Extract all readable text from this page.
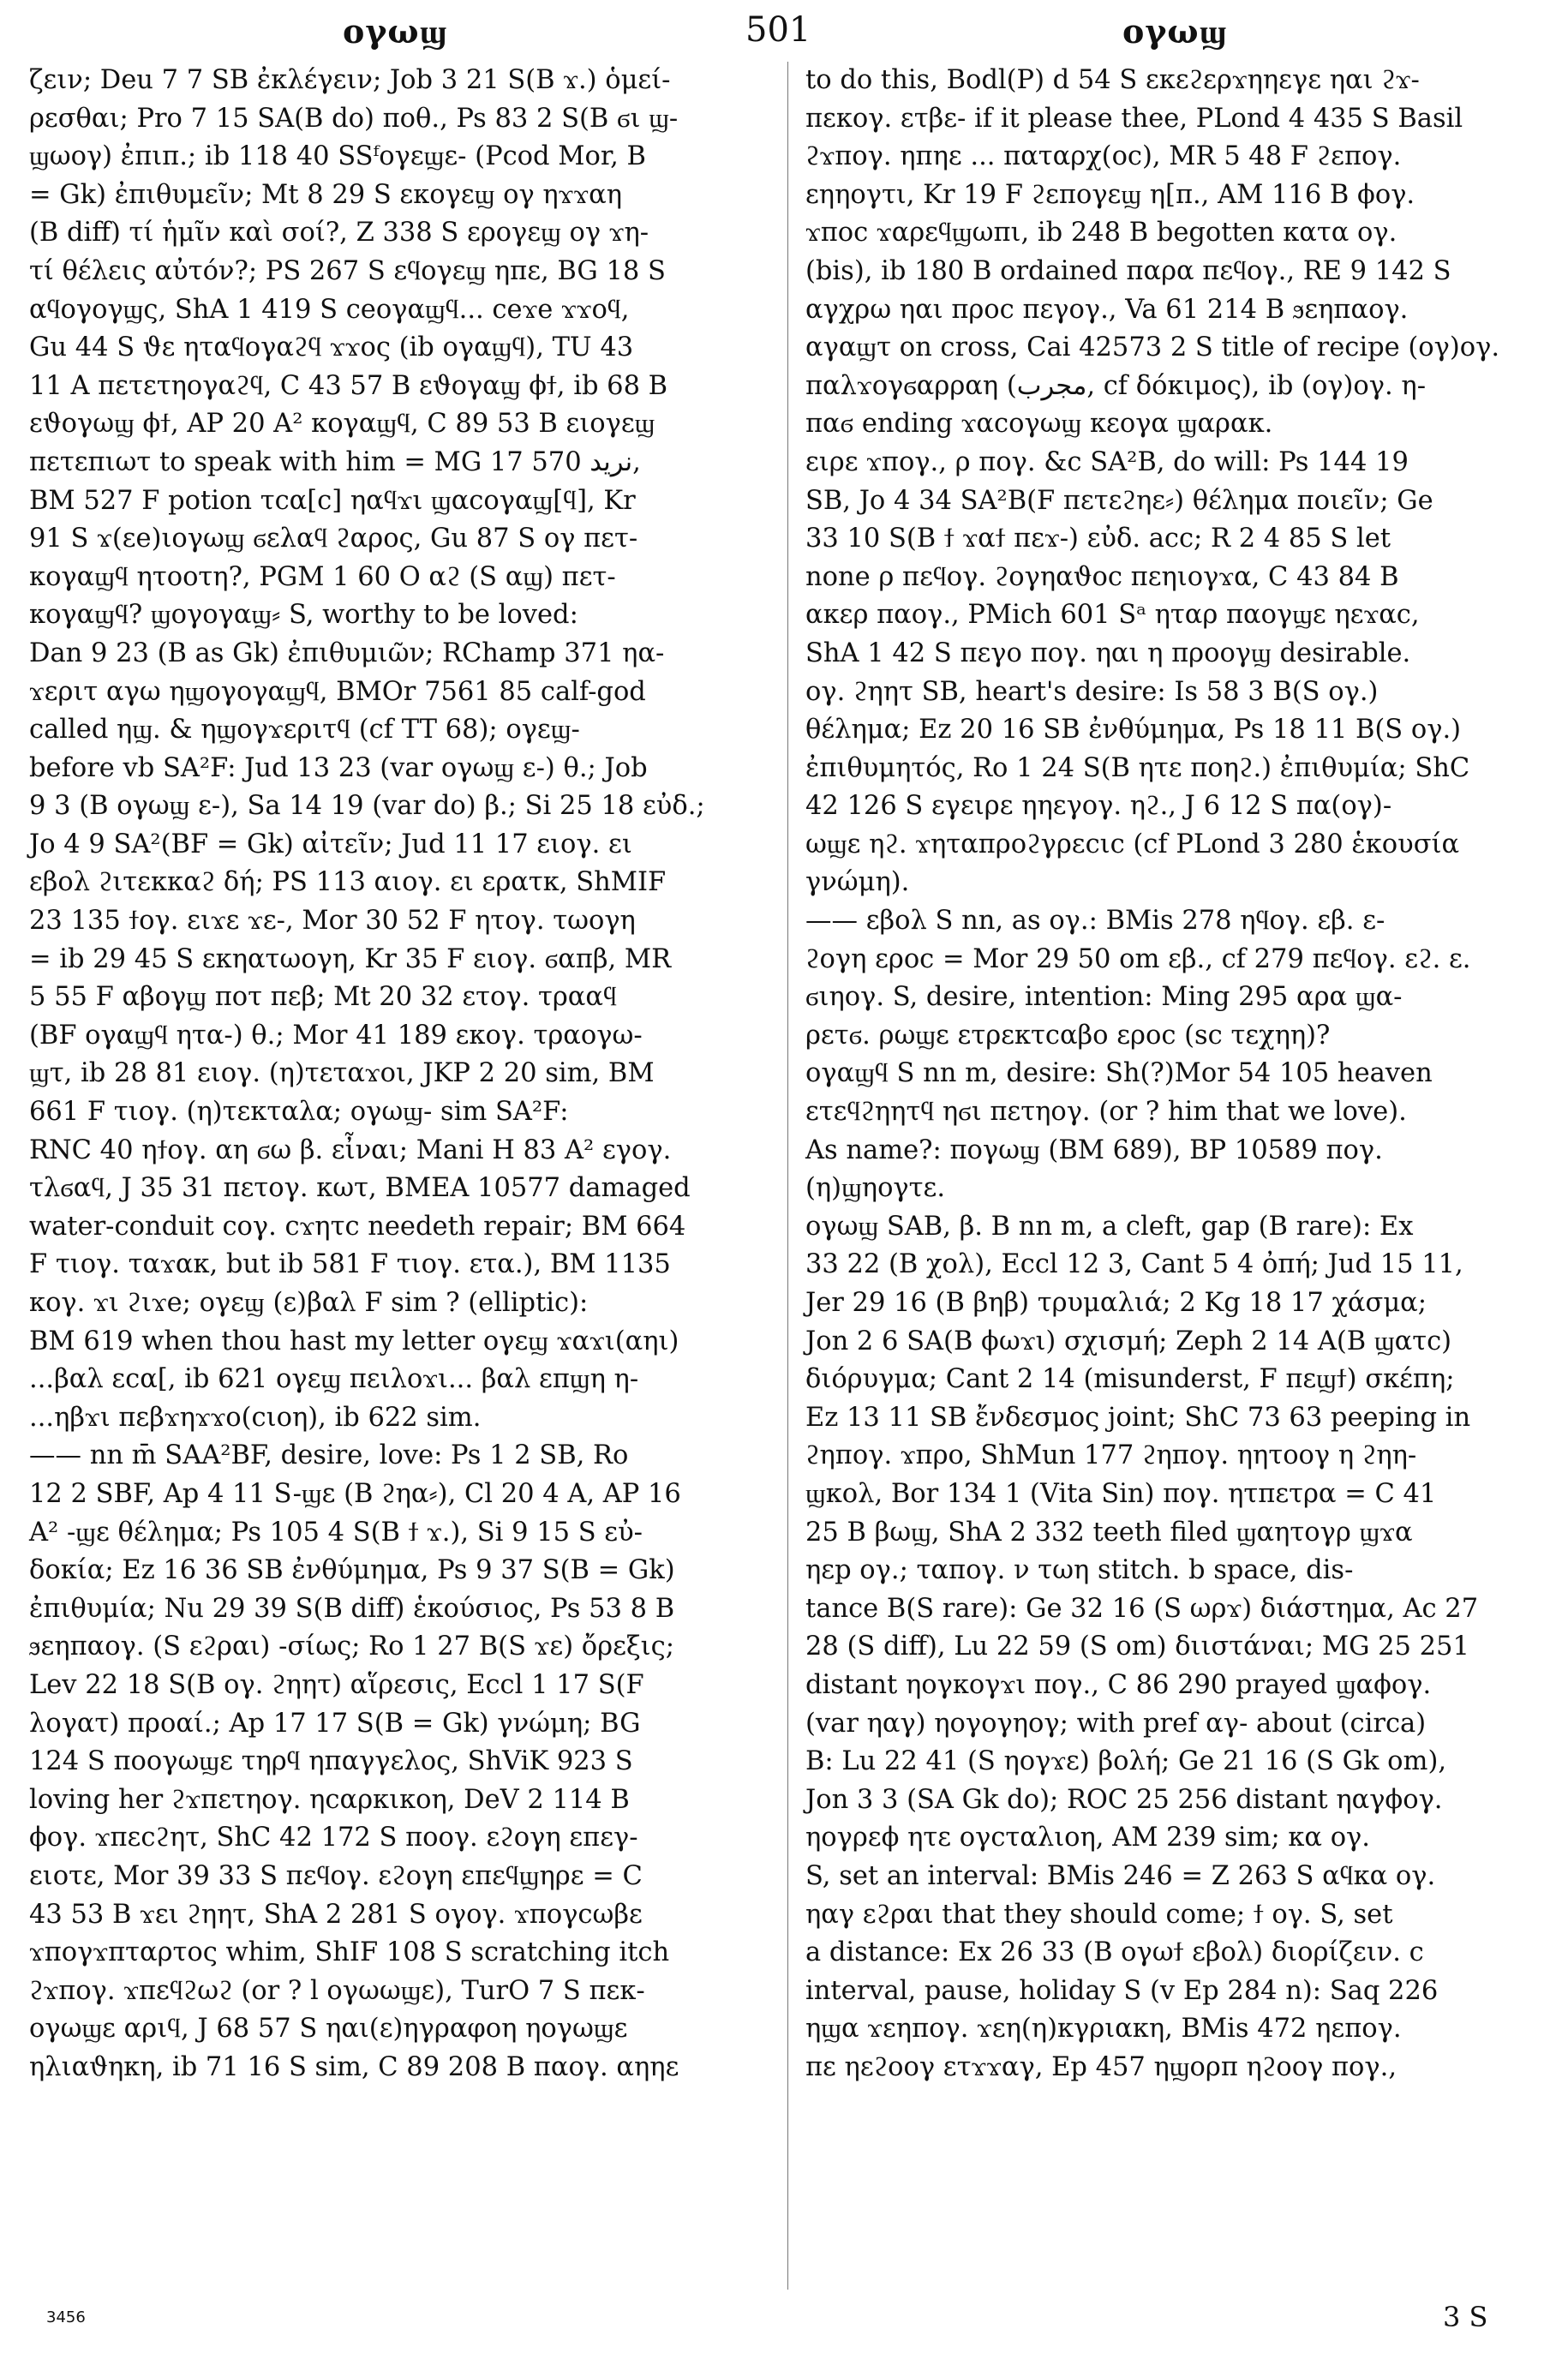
ογωϣ	501	ογωϣ
ζειν; Deu 7 7 SB ἐκλέγειν; Job 3 21 S(B ϫ.) ὁμεί-
ρεσθαι; Pro 7 15 SA(B do) ποθ., Ps 83 2 S(B ϭι ϣ-
ϣωογ) ἐπιπ.; ib 118 40 SSᶠογεϣε- (Pcod Mor, B
= Gk) ἐπιθυμεῖν; Mt 8 29 S εκογεϣ ογ ηϫϫαη
(B diff) τί ἡμῖν καὶ σοί?, Z 338 S ερογεϣ ογ ϫη-
τί θέλεις αὐτόν?; PS 267 S εϥογεϣ ηπε, BG 18 S
αϥογογϣς, ShA 1 419 S ceογαϣϥ... ceϫe ϫϫοϥ,
Gu 44 S ϑε ηταϥογαϩϥ ϫϫος (ib ογαϣϥ), TU 43
11 A πετετηογαϩϥ, C 43 57 B εϑογαϣ ϕϯ, ib 68 B
εϑογωϣ ϕϯ, AP 20 A² κογαϣϥ, C 89 53 B ειογεϣ
πετεπιωτ to speak with him = MG 17 570 ﻧﺮﻳﺪ,
BM 527 F potion τcα[c] ηαϥϫι ϣαcογαϣ[ϥ], Kr
91 S ϫ(εe)ιογωϣ ϭελαϥ ϩαρος, Gu 87 S ογ πετ-
κογαϣϥ ητοοτη?, PGM 1 60 O αϩ (S αϣ) πετ-
κογαϣϥ? ϣογογαϣ⸗ S, worthy to be loved:
Dan 9 23 (B as Gk) ἐπιθυμιῶν; RChamp 371 ηα-
ϫεριτ αγω ηϣογογαϣϥ, BMOr 7561 85 calf-god
called ηϣ. & ηϣογϫεριτϥ (cf TT 68); ογεϣ-
before vb SA²F: Jud 13 23 (var ογωϣ ε-) θ.; Job
9 3 (B ογωϣ ε-), Sa 14 19 (var do) β.; Si 25 18 εὐδ.;
Jo 4 9 SA²(BF = Gk) αἰτεῖν; Jud 11 17 ειογ. ει
εβολ ϩιτεκκαϩ δή; PS 113 αιογ. ει ερατκ, ShMIF
23 135 ϯογ. ειϫε ϫε-, Mor 30 52 F ητογ. τωογη
= ib 29 45 S εκηατωογη, Kr 35 F ειογ. ϭαπβ, MR
5 55 F αβογϣ ποτ πεβ; Mt 20 32 ετογ. τρααϥ
(BF ογαϣϥ ητα-) θ.; Mor 41 189 εκογ. τραογω-
ϣτ, ib 28 81 ειογ. (η)τεταϫοι, JKP 2 20 sim, BM
661 F τιογ. (η)τεκταλα; ογωϣ- sim SA²F:
RNC 40 ηϯογ. αη ϭω β. εἶναι; Mani H 83 A² εγογ.
τλϭαϥ, J 35 31 πετογ. κωτ, BMEA 10577 damaged
water-conduit cογ. cϫητc needeth repair; BM 664
F τιογ. ταϫακ, but ib 581 F τιογ. ετα.), BM 1135
κογ. ϫι ϩιϫe; ογεϣ (ε)βαλ F sim ? (elliptic):
BM 619 when thou hast my letter ογεϣ ϫαϫι(αηι)
...βαλ εcα[, ib 621 ογεϣ πειλοϫι... βαλ επϣη η-
...ηβϫι πεβϫηϫϫο(cιοη), ib 622 sim.
—— nn m̄ SAA²BF, desire, love: Ps 1 2 SB, Ro
12 2 SBF, Ap 4 11 S-ϣε (B ϩηα⸗), Cl 20 4 A, AP 16
A² -ϣε θέλημα; Ps 105 4 S(B ϯ ϫ.), Si 9 15 S εὐ-
δοκία; Ez 16 36 SB ἐνθύμημα, Ps 9 37 S(B = Gk)
ἐπιθυμία; Nu 29 39 S(B diff) ἑκούσιος, Ps 53 8 B
ϧεηπαογ. (S εϩραι) -σίως; Ro 1 27 B(S ϫε) ὄρεξις;
Lev 22 18 S(B ογ. ϩηητ) αἵρεσις, Eccl 1 17 S(F
λογατ) προαί.; Ap 17 17 S(B = Gk) γνώμη; BG
124 S ποογωϣε τηρϥ ηπαγγελος, ShViK 923 S
loving her ϩϫπετηογ. ηcαρκικοη, DeV 2 114 B
ϕογ. ϫπεcϩητ, ShC 42 172 S ποογ. εϩογη επεγ-
ειοτε, Mor 39 33 S πεϥογ. εϩογη επεϥϣηρε = C
43 53 B ϫει ϩηητ, ShA 2 281 S ογογ. ϫπογcωβε
ϫπογϫπταρτος whim, ShIF 108 S scratching itch
ϩϫπογ. ϫπεϥϩωϩ (or ? l ογωωϣε), TurO 7 S πεκ-
ογωϣε αριϥ, J 68 57 S ηαι(ε)ηγραφοη ηογωϣε
ηλιαϑηκη, ib 71 16 S sim, C 89 208 B παογ. αηηε
to do this, Bodl(P) d 54 S εκεϩερϫηηεγε ηαι ϩϫ-
πεκογ. ετβε- if it please thee, PLond 4 435 S Basil
ϩϫπογ. ηπηε ... παταρχ(οc), MR 5 48 F ϩεπογ.
εηηογτι, Kr 19 F ϩεπογεϣ η[π., AM 116 B ϕογ.
ϫποc ϫαρεϥϣωπι, ib 248 B begotten κατα ογ.
(bis), ib 180 B ordained παρα πεϥογ., RE 9 142 S
αγχρω ηαι προc πεγογ., Va 61 214 B ϧεηπαογ.
αγαϣτ on cross, Cai 42573 2 S title of recipe (ογ)ογ.
παλϫογϭαρραη (ﻣﺠﺮﺏ, cf δόκιμος), ib (ογ)ογ. η-
παϭ ending ϫαcογωϣ κεογα ϣαρακ.
ειρε ϫπογ., ρ πογ. &c SA²B, do will: Ps 144 19
SB, Jo 4 34 SA²B(F πετεϩηε⸗) θέλημα ποιεῖν; Ge
33 10 S(B ϯ ϫαϯ πεϫ-) εὐδ. acc; R 2 4 85 S let
none ρ πεϥογ. ϩογηαϑοc πεηιογϫα, C 43 84 B
ακερ παογ., PMich 601 Sᵃ ηταρ παογϣε ηεϫαc,
ShA 1 42 S πεγο πογ. ηαι η προογϣ desirable.
ογ. ϩηητ SB, heart's desire: Is 58 3 B(S ογ.)
θέλημα; Ez 20 16 SB ἐνθύμημα, Ps 18 11 B(S ογ.)
ἐπιθυμητός, Ro 1 24 S(B ητε ποηϩ.) ἐπιθυμία; ShC
42 126 S εγειρε ηηεγογ. ηϩ., J 6 12 S πα(ογ)-
ωϣε ηϩ. ϫηταπροϩγρεcιc (cf PLond 3 280 ἑκουσία
γνώμη).
—— εβολ S nn, as ογ.: BMis 278 ηϥογ. εβ. ε-
ϩογη εροc = Mor 29 50 om εβ., cf 279 πεϥογ. εϩ. ε.
ϭιηογ. S, desire, intention: Ming 295 αρα ϣα-
ρετϭ. ρωϣε ετρεκτcαβο εροc (sc τεχηη)?
ογαϣϥ S nn m, desire: Sh(?)Mor 54 105 heaven
ετεϥϩηητϥ ηϭι πετηογ. (or ? him that we love).
As name?: πογωϣ (BM 689), BP 10589 πογ.
(η)ϣηογτε.
ογωϣ SAB, β. B nn m, a cleft, gap (B rare): Ex
33 22 (B χολ), Eccl 12 3, Cant 5 4 ὀπή; Jud 15 11,
Jer 29 16 (B βηβ) τρυμαλιά; 2 Kg 18 17 χάσμα;
Jon 2 6 SA(B ϕωϫι) σχισμή; Zeph 2 14 A(B ϣατc)
διόρυγμα; Cant 2 14 (misunderst, F πεϣϯ) σκέπη;
Ez 13 11 SB ἔνδεσμος joint; ShC 73 63 peeping in
ϩηπογ. ϫπρο, ShMun 177 ϩηπογ. ηητοογ η ϩηη-
ϣκολ, Bor 134 1 (Vita Sin) πογ. ητπετρα = C 41
25 B βωϣ, ShA 2 332 teeth filed ϣαητογρ ϣϫα
ηεp ογ.; ταπογ. ν τωη stitch. b space, dis-
tance B(S rare): Ge 32 16 (S ωρϫ) διάστημα, Ac 27
28 (S diff), Lu 22 59 (S om) διιστάναι; MG 25 251
distant ηογκογϫι πογ., C 86 290 prayed ϣαϕογ.
(var ηαγ) ηογογηογ; with pref αγ- about (circa)
B: Lu 22 41 (S ηογϫε) βολή; Ge 21 16 (S Gk om),
Jon 3 3 (SA Gk do); ROC 25 256 distant ηαγϕογ.
ηογρεϕ ητε ογcταλιοη, AM 239 sim; κα ογ.
S, set an interval: BMis 246 = Z 263 S αϥκα ογ.
ηαγ εϩραι that they should come; ϯ ογ. S, set
a distance: Ex 26 33 (B ογωϯ εβολ) διορίζειν. c
interval, pause, holiday S (v Ep 284 n): Saq 226
ηϣα ϫεηπογ. ϫεη(η)κγριακη, BMis 472 ηεπογ.
πε ηεϩοογ ετϫϫαγ, Ep 457 ηϣορπ ηϩοογ πογ.,
3456	3 S
